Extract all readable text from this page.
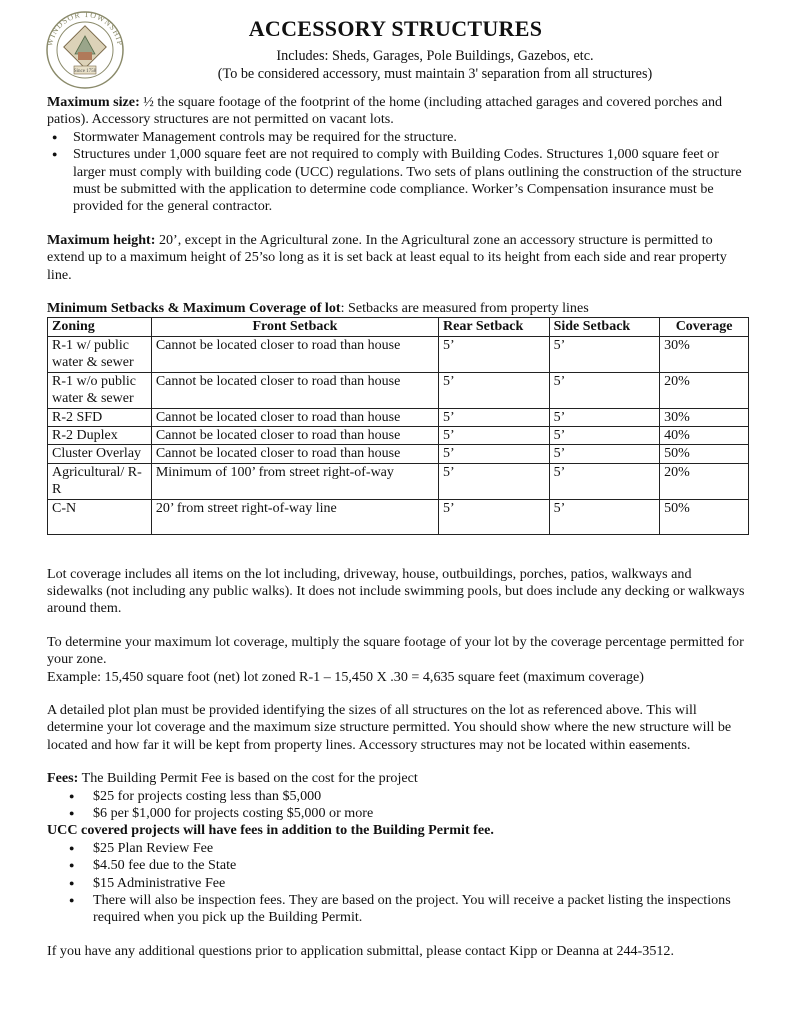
Since 1758
WINDSOR TOWNSHIP
ACCESSORY STRUCTURES
Includes: Sheds, Garages, Pole Buildings, Gazebos, etc.
(To be considered accessory, must maintain 3' separation from all structures)

Maximum size: ½ the square footage of the footprint of the home (including attached garages and covered porches and patios). Accessory structures are not permitted on vacant lots.

● Stormwater Management controls may be required for the structure.
● Structures under 1,000 square feet are not required to comply with Building Codes. Structures 1,000 square feet or larger must comply with building code (UCC) regulations. Two sets of plans outlining the construction of the structure must be submitted with the application to determine code compliance. Worker’s Compensation insurance must be provided for the general contractor.

Maximum height: 20’, except in the Agricultural zone. In the Agricultural zone an accessory structure is permitted to extend up to a maximum height of 25’so long as it is set back at least equal to its height from each side and rear property line.

Minimum Setbacks & Maximum Coverage of lot: Setbacks are measured from property lines

Zoning	Front Setback	Rear Setback	Side Setback	Coverage
R-1 w/ public water & sewer	Cannot be located closer to road than house	5’	5’	30%
R-1 w/o public water & sewer	Cannot be located closer to road than house	5’	5’	20%
R-2 SFD	Cannot be located closer to road than house	5’	5’	30%
R-2 Duplex	Cannot be located closer to road than house	5’	5’	40%
Cluster Overlay	Cannot be located closer to road than house	5’	5’	50%
Agricultural/ R-R	Minimum of 100’ from street right-of-way	5’	5’	20%
C-N	20’ from street right-of-way line	5’	5’	50%

Lot coverage includes all items on the lot including, driveway, house, outbuildings, porches, patios, walkways and sidewalks (not including any public walks). It does not include swimming pools, but does include any decking or walkways around them.

To determine your maximum lot coverage, multiply the square footage of your lot by the coverage percentage permitted for your zone.

Example: 15,450 square foot (net) lot zoned R-1 – 15,450 X .30 = 4,635 square feet (maximum coverage)

A detailed plot plan must be provided identifying the sizes of all structures on the lot as referenced above. This will determine your lot coverage and the maximum size structure permitted. You should show where the new structure will be located and how far it will be kept from property lines. Accessory structures may not be located within easements.

Fees: The Building Permit Fee is based on the cost for the project

● $25 for projects costing less than $5,000
● $6 per $1,000 for projects costing $5,000 or more

UCC covered projects will have fees in addition to the Building Permit fee.

● $25 Plan Review Fee
● $4.50 fee due to the State
● $15 Administrative Fee
● There will also be inspection fees. They are based on the project. You will receive a packet listing the inspections required when you pick up the Building Permit.

If you have any additional questions prior to application submittal, please contact Kipp or Deanna at 244-3512.
